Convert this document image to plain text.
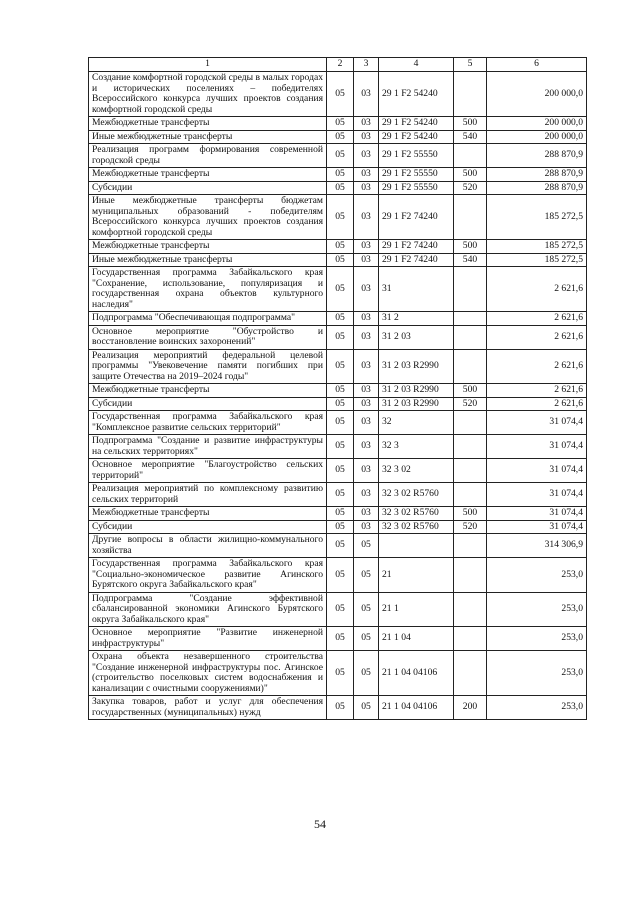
1	2	3	4	5	6
Создание комфортной городской среды в малых городах и исторических поселениях – победителях Всероссийского конкурса лучших проектов создания комфортной городской среды	05	03	29 1 F2 54240		200 000,0
Межбюджетные трансферты	05	03	29 1 F2 54240	500	200 000,0
Иные межбюджетные трансферты	05	03	29 1 F2 54240	540	200 000,0
Реализация программ формирования современной городской среды	05	03	29 1 F2 55550		288 870,9
Межбюджетные трансферты	05	03	29 1 F2 55550	500	288 870,9
Субсидии	05	03	29 1 F2 55550	520	288 870,9
Иные межбюджетные трансферты бюджетам муниципальных образований - победителям Всероссийского конкурса лучших проектов создания комфортной городской среды	05	03	29 1 F2 74240		185 272,5
Межбюджетные трансферты	05	03	29 1 F2 74240	500	185 272,5
Иные межбюджетные трансферты	05	03	29 1 F2 74240	540	185 272,5
Государственная программа Забайкальского края "Сохранение, использование, популяризация и государственная охрана объектов культурного наследия"	05	03	31		2 621,6
Подпрограмма "Обеспечивающая подпрограмма"	05	03	31 2		2 621,6
Основное мероприятие "Обустройство и восстановление воинских захоронений"	05	03	31 2 03		2 621,6
Реализация мероприятий федеральной целевой программы "Увековечение памяти погибших при защите Отечества на 2019–2024 годы"	05	03	31 2 03 R2990		2 621,6
Межбюджетные трансферты	05	03	31 2 03 R2990	500	2 621,6
Субсидии	05	03	31 2 03 R2990	520	2 621,6
Государственная программа Забайкальского края "Комплексное развитие сельских территорий"	05	03	32		31 074,4
Подпрограмма "Создание и развитие инфраструктуры на сельских территориях"	05	03	32 3		31 074,4
Основное мероприятие "Благоустройство сельских территорий"	05	03	32 3 02		31 074,4
Реализация мероприятий по комплексному развитию сельских территорий	05	03	32 3 02 R5760		31 074,4
Межбюджетные трансферты	05	03	32 3 02 R5760	500	31 074,4
Субсидии	05	03	32 3 02 R5760	520	31 074,4
Другие вопросы в области жилищно-коммунального хозяйства	05	05			314 306,9
Государственная программа Забайкальского края "Социально-экономическое развитие Агинского Бурятского округа Забайкальского края"	05	05	21		253,0
Подпрограмма "Создание эффективной сбалансированной экономики Агинского Бурятского округа Забайкальского края"	05	05	21 1		253,0
Основное мероприятие "Развитие инженерной инфраструктуры"	05	05	21 1 04		253,0
Охрана объекта незавершенного строительства "Создание инженерной инфраструктуры пос. Агинское (строительство поселковых систем водоснабжения и канализации с очистными сооружениями)"	05	05	21 1 04 04106		253,0
Закупка товаров, работ и услуг для обеспечения государственных (муниципальных) нужд	05	05	21 1 04 04106	200	253,0
54
